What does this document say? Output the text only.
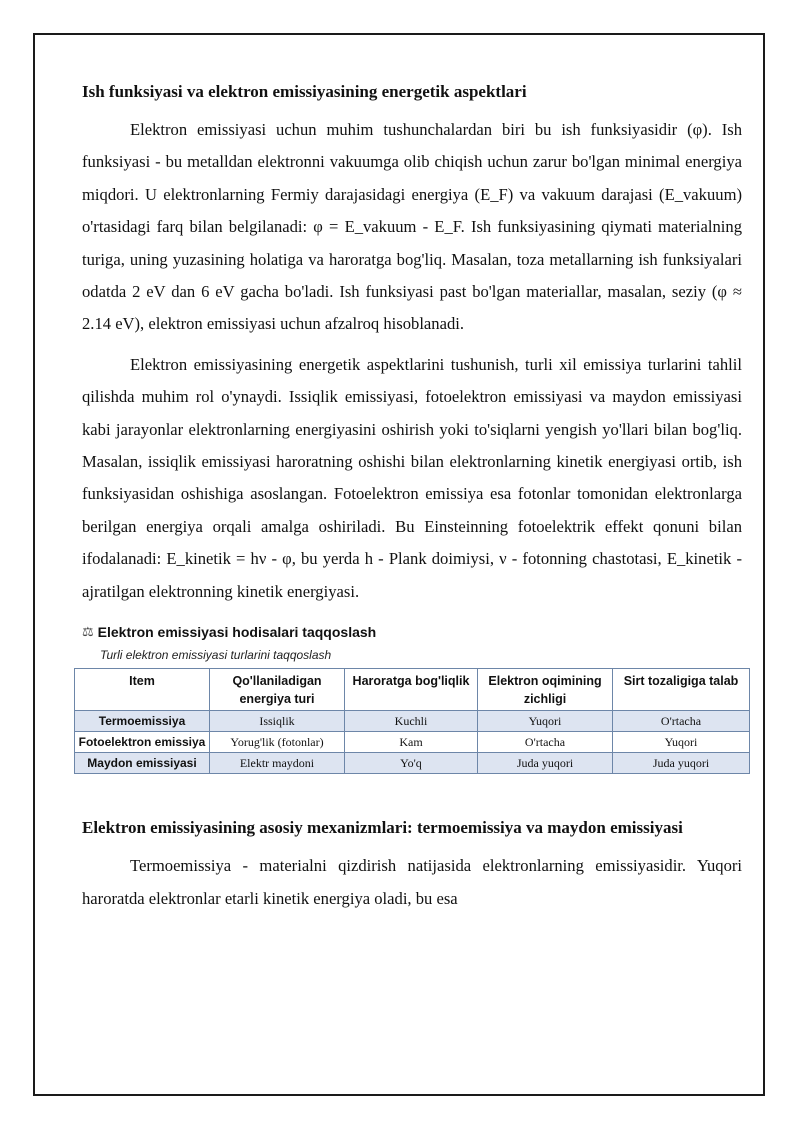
Ish funksiyasi va elektron emissiyasining energetik aspektlari

Elektron emissiyasi uchun muhim tushunchalardan biri bu ish funksiyasidir (φ). Ish funksiyasi - bu metalldan elektronni vakuumga olib chiqish uchun zarur bo'lgan minimal energiya miqdori. U elektronlarning Fermiy darajasidagi energiya (E_F) va vakuum darajasi (E_vakuum) o'rtasidagi farq bilan belgilanadi: φ = E_vakuum - E_F. Ish funksiyasining qiymati materialning turiga, uning yuzasining holatiga va haroratga bog'liq. Masalan, toza metallarning ish funksiyalari odatda 2 eV dan 6 eV gacha bo'ladi. Ish funksiyasi past bo'lgan materiallar, masalan, seziy (φ ≈ 2.14 eV), elektron emissiyasi uchun afzalroq hisoblanadi.

Elektron emissiyasining energetik aspektlarini tushunish, turli xil emissiya turlarini tahlil qilishda muhim rol o'ynaydi. Issiqlik emissiyasi, fotoelektron emissiyasi va maydon emissiyasi kabi jarayonlar elektronlarning energiyasini oshirish yoki to'siqlarni yengish yo'llari bilan bog'liq. Masalan, issiqlik emissiyasi haroratning oshishi bilan elektronlarning kinetik energiyasi ortib, ish funksiyasidan oshishiga asoslangan. Fotoelektron emissiya esa fotonlar tomonidan elektronlarga berilgan energiya orqali amalga oshiriladi. Bu Einsteinning fotoelektrik effekt qonuni bilan ifodalanadi: E_kinetik = hν - φ, bu yerda h - Plank doimiysi, ν - fotonning chastotasi, E_kinetik - ajratilgan elektronning kinetik energiyasi.

⚖ Elektron emissiyasi hodisalari taqqoslash
Turli elektron emissiyasi turlarini taqqoslash
Item	Qo'llaniladigan energiya turi	Haroratga bog'liqlik	Elektron oqimining zichligi	Sirt tozaligiga talab
Termoemissiya	Issiqlik	Kuchli	Yuqori	O'rtacha
Fotoelektron emissiya	Yorug'lik (fotonlar)	Kam	O'rtacha	Yuqori
Maydon emissiyasi	Elektr maydoni	Yo'q	Juda yuqori	Juda yuqori
Elektron emissiyasining asosiy mexanizmlari: termoemissiya va maydon emissiyasi

Termoemissiya - materialni qizdirish natijasida elektronlarning emissiyasidir. Yuqori haroratda elektronlar etarli kinetik energiya oladi, bu esa
